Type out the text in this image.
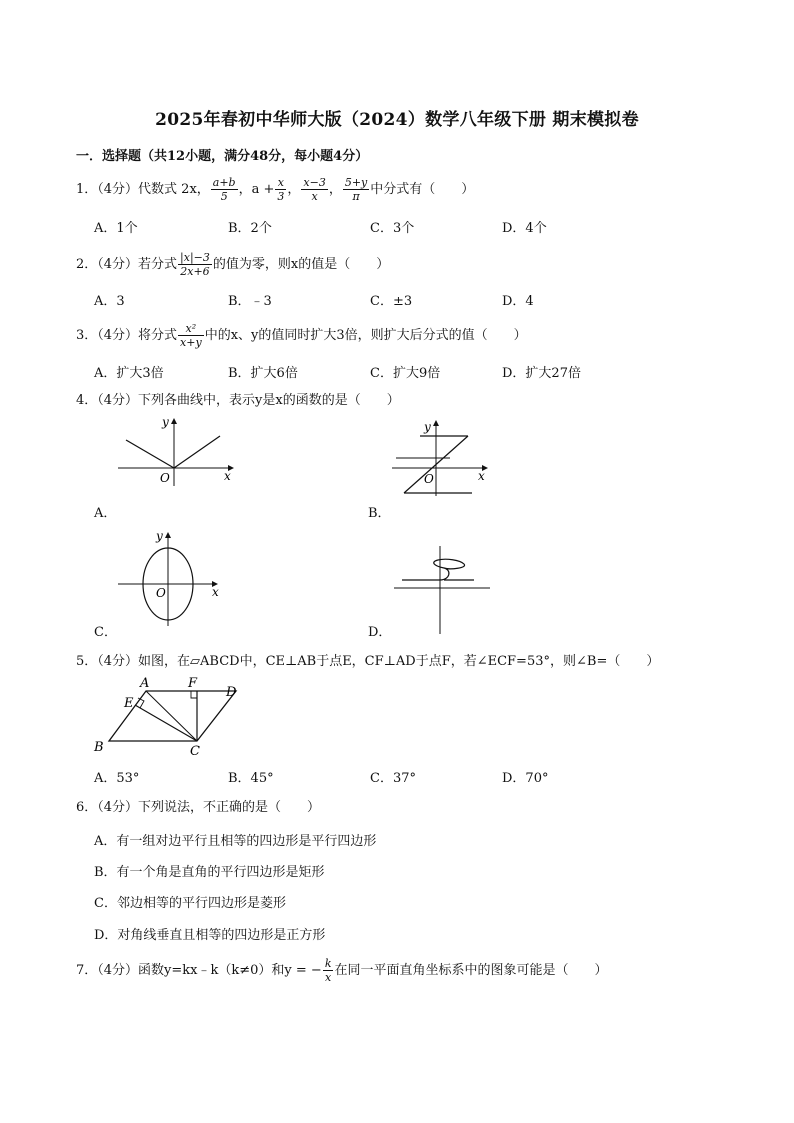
2025年春初中华师大版（2024）数学八年级下册 期末模拟卷
一．选择题（共12小题，满分48分，每小题4分）
1．（4分）代数式 2x， $\frac{a+b}{5}$ ，$a + \frac{x}{3}$ ， $\frac{x-3}{x}$ ， $\frac{5+y}{\pi}$ 中分式有（　　）
A．1个	B．2个	C．3个	D．4个
2．（4分）若分式 $\frac{|x|-3}{2x+6}$ 的值为零，则x的值是（　　）
A．3	B．﹣3	C．±3	D．4
3．（4分）将分式 $\frac{\text{x²}}{x+y}$ 中的x、y的值同时扩大3倍，则扩大后分式的值（　　）
A．扩大3倍	B．扩大6倍	C．扩大9倍	D．扩大27倍
4．（4分）下列各曲线中，表示y是x的函数的是（　　）
y
x
O
A．
y
x
O
B．
y
x
O
C．	D．
5．（4分）如图，在▱ABCD中，CE⊥AB于点E，CF⊥AD于点F，若∠ECF=53°，则∠B=（　　）
A
B	C
D
E
F
A．53°	B．45°	C．37°	D．70°
6．（4分）下列说法，不正确的是（　　）
A．有一组对边平行且相等的四边形是平行四边形
B．有一个角是直角的平行四边形是矩形
C．邻边相等的平行四边形是菱形
D．对角线垂直且相等的四边形是正方形
7．（4分）函数y=kx﹣k（k≠0）和y = − $\frac{k}{x}$ 在同一平面直角坐标系中的图象可能是（　　）
